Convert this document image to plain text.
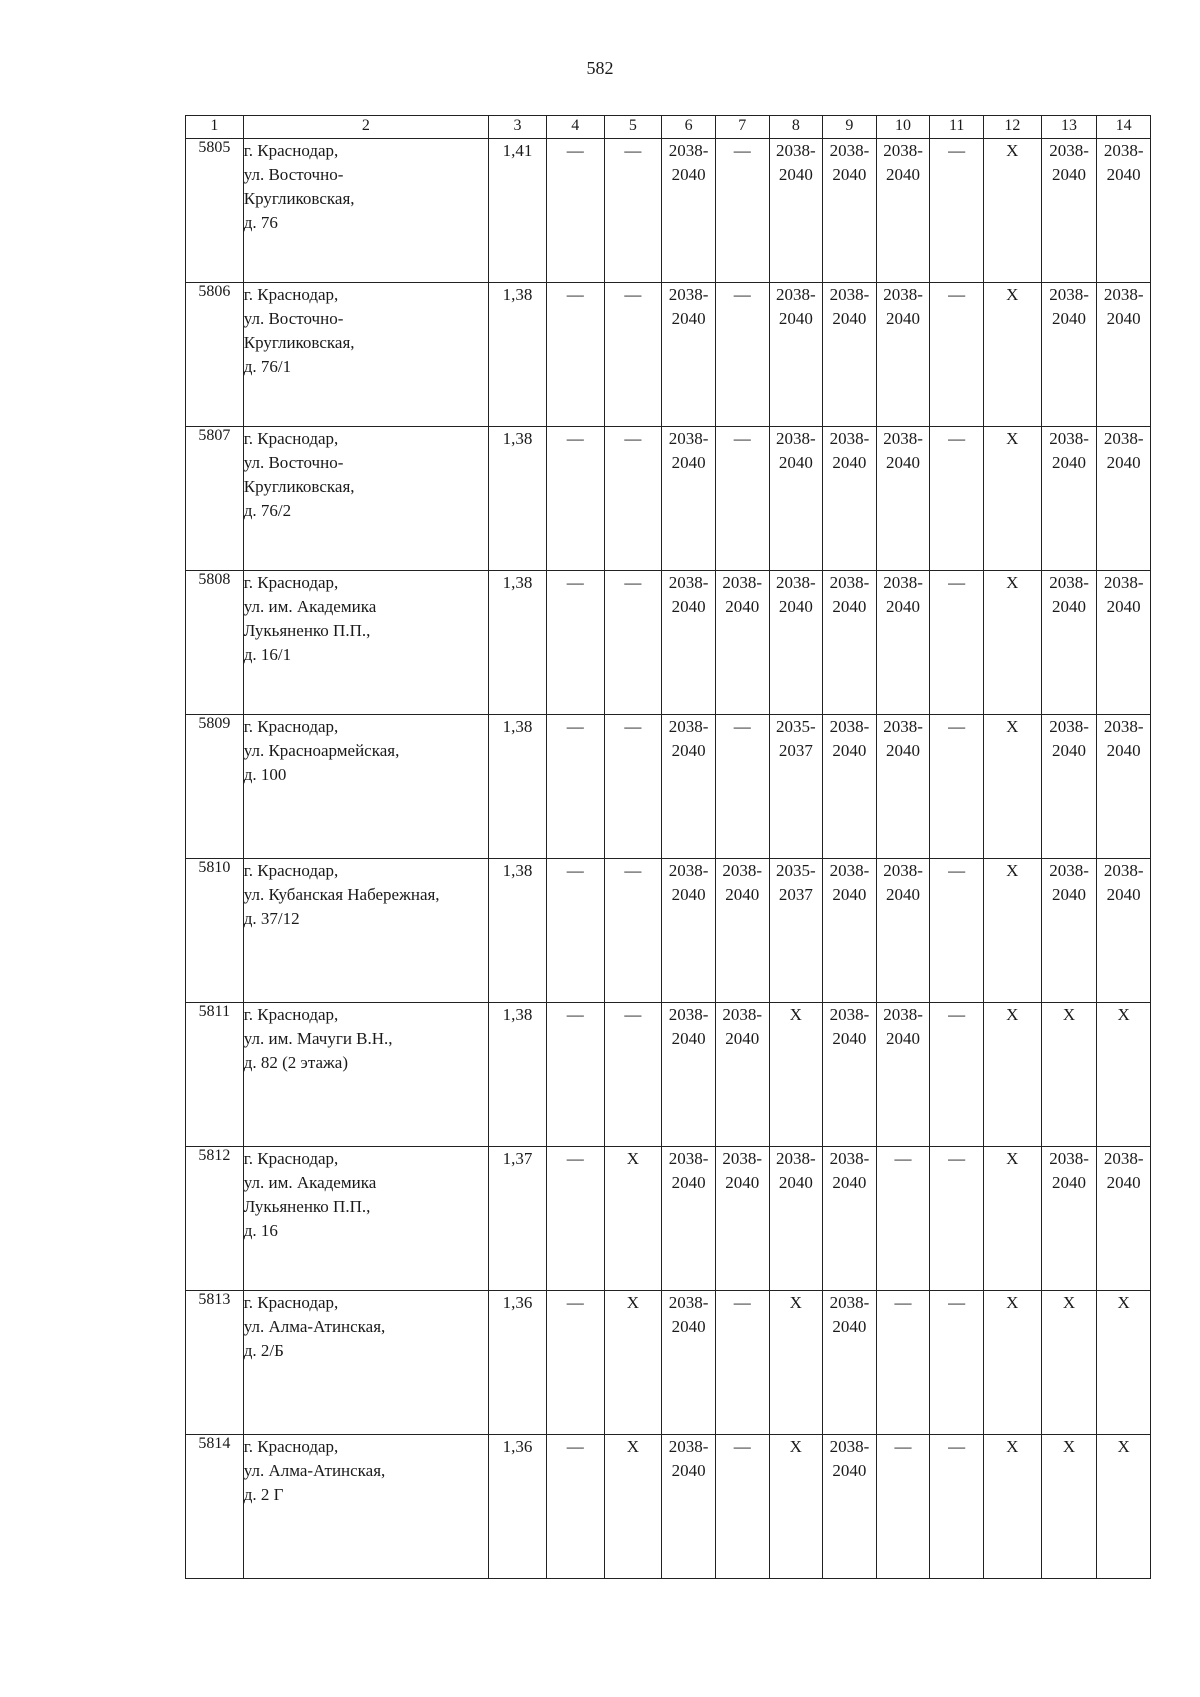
582
1	2	3	4	5	6	7	8	9	10	11	12	13	14
5805	г. Краснодар,
ул. Восточно-
Кругликовская,
д. 76	1,41	—	—	2038-
2040	—	2038-
2040	2038-
2040	2038-
2040	—	Х	2038-
2040	2038-
2040
5806	г. Краснодар,
ул. Восточно-
Кругликовская,
д. 76/1	1,38	—	—	2038-
2040	—	2038-
2040	2038-
2040	2038-
2040	—	Х	2038-
2040	2038-
2040
5807	г. Краснодар,
ул. Восточно-
Кругликовская,
д. 76/2	1,38	—	—	2038-
2040	—	2038-
2040	2038-
2040	2038-
2040	—	Х	2038-
2040	2038-
2040
5808	г. Краснодар,
ул. им. Академика
Лукьяненко П.П.,
д. 16/1	1,38	—	—	2038-
2040	2038-
2040	2038-
2040	2038-
2040	2038-
2040	—	Х	2038-
2040	2038-
2040
5809	г. Краснодар,
ул. Красноармейская,
д. 100	1,38	—	—	2038-
2040	—	2035-
2037	2038-
2040	2038-
2040	—	Х	2038-
2040	2038-
2040
5810	г. Краснодар,
ул. Кубанская Набережная,
д. 37/12	1,38	—	—	2038-
2040	2038-
2040	2035-
2037	2038-
2040	2038-
2040	—	Х	2038-
2040	2038-
2040
5811	г. Краснодар,
ул. им. Мачуги В.Н.,
д. 82 (2 этажа)	1,38	—	—	2038-
2040	2038-
2040	Х	2038-
2040	2038-
2040	—	Х	Х	Х
5812	г. Краснодар,
ул. им. Академика
Лукьяненко П.П.,
д. 16	1,37	—	Х	2038-
2040	2038-
2040	2038-
2040	2038-
2040	—	—	Х	2038-
2040	2038-
2040
5813	г. Краснодар,
ул. Алма-Атинская,
д. 2/Б	1,36	—	Х	2038-
2040	—	Х	2038-
2040	—	—	Х	Х	Х
5814	г. Краснодар,
ул. Алма-Атинская,
д. 2 Г	1,36	—	Х	2038-
2040	—	Х	2038-
2040	—	—	Х	Х	Х
